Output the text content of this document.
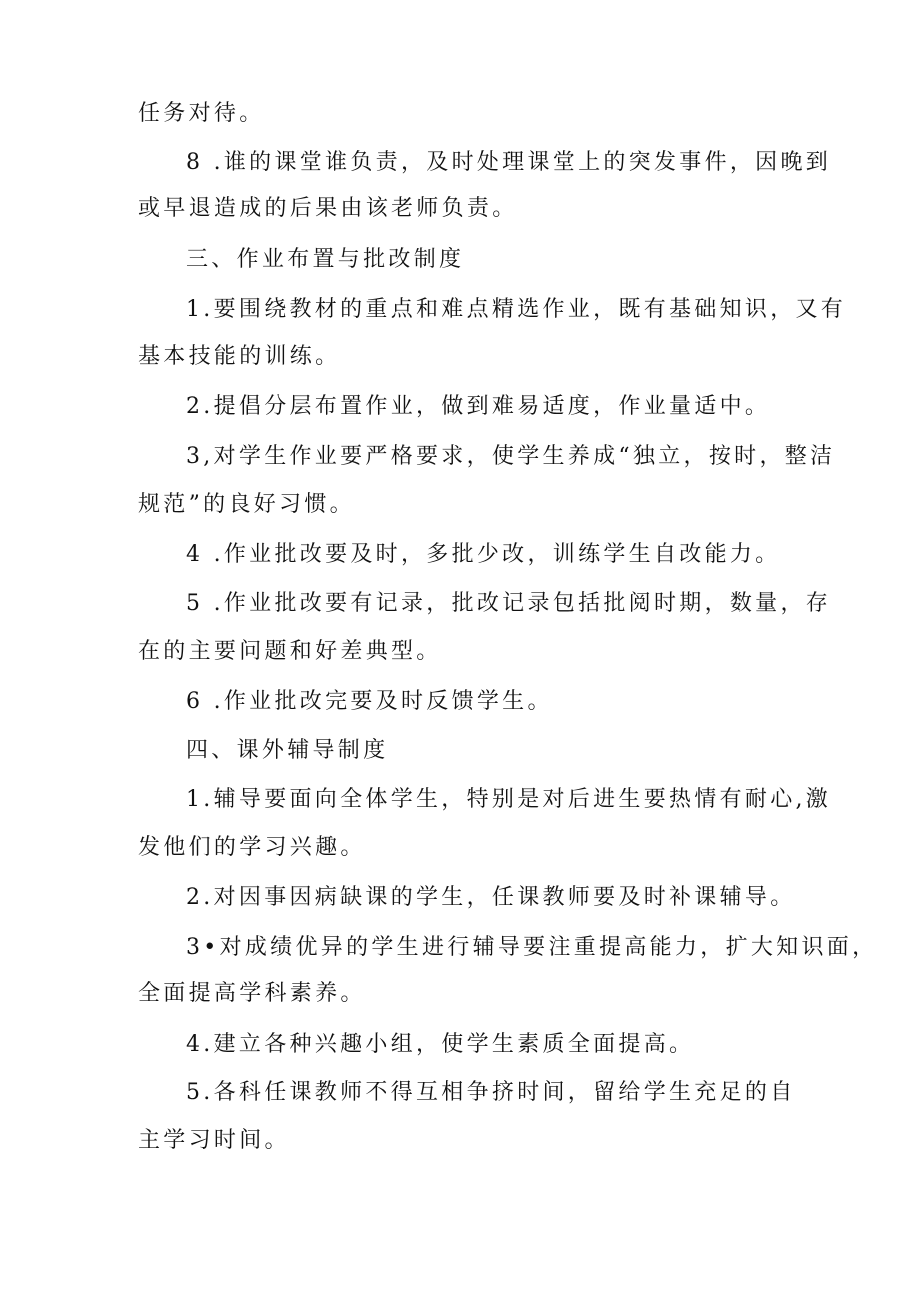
任务对待。
8 .谁的课堂谁负责，及时处理课堂上的突发事件，因晚到
或早退造成的后果由该老师负责。
三、作业布置与批改制度
1.要围绕教材的重点和难点精选作业，既有基础知识，又有
基本技能的训练。
2.提倡分层布置作业，做到难易适度，作业量适中。
3,对学生作业要严格要求，使学生养成“独立，按时，整洁
规范”的良好习惯。
4 .作业批改要及时，多批少改，训练学生自改能力。
5 .作业批改要有记录，批改记录包括批阅时期，数量，存
在的主要问题和好差典型。
6 .作业批改完要及时反馈学生。
四、课外辅导制度
1.辅导要面向全体学生，特别是对后进生要热情有耐心,激
发他们的学习兴趣。
2.对因事因病缺课的学生，任课教师要及时补课辅导。
3•对成绩优异的学生进行辅导要注重提高能力，扩大知识面，
全面提高学科素养。
4.建立各种兴趣小组，使学生素质全面提高。
5.各科任课教师不得互相争挤时间，留给学生充足的自
主学习时间。
